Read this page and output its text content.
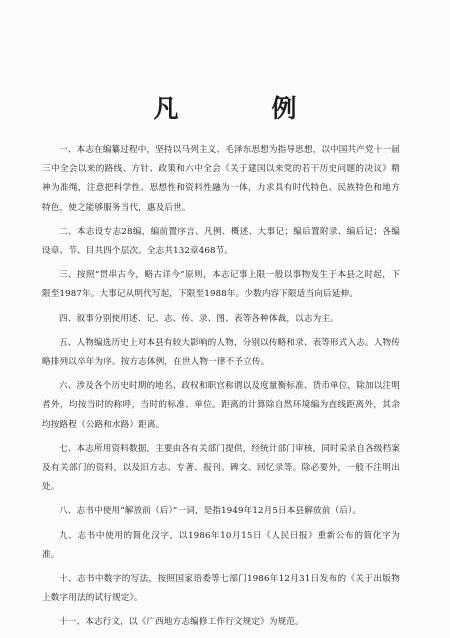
凡　例

一、本志在编纂过程中，坚持以马列主义、毛泽东思想为指导思想，以中国共产党十一届三中全会以来的路线、方针、政策和六中全会《关于建国以来党的若干历史问题的决议》精神为准绳，注意把科学性、思想性和资料性融为一体，力求具有时代特色、民族特色和地方特色，使之能够服务当代，惠及后世。

二、本志设专志28编，编前置序言、凡例、概述、大事记；编后置附录、编后记；各编设章、节、目共四个层次。全志共132章468节。

三、按照“贯串古今，略古详今”原则，本志记事上限一般以事物发生于本县之时起，下限至1987年。大事记从明代写起，下限至1988年。少数内容下限适当向后延伸。

四、叙事分别使用述、记、志、传、录、图、表等各种体裁，以志为主。

五、人物编选历史上对本县有较大影响的人物，分别以传略和录、表等形式入志。人物传略排列以卒年为序。按方志体例，在世人物一律不予立传。

六、涉及各个历史时期的地名、政权和职官称谓以及度量衡标准、货币单位，除加以注明者外，均按当时的称呼，当时的标准、单位。距离的计算除自然环境编为直线距离外，其余均按路程（公路和水路）距离。

七、本志所用资料数据，主要由各有关部门提供，经统计部门审核，同时采录自各级档案及有关部门的资料，以及旧方志、专著、报刊、碑文、回忆录等。除必要外，一般不注明出处。

八、志书中使用“解放前（后）”一词，是指1949年12月5日本县解放前（后）。

九、志书中使用的简化汉字，以1986年10月15日《人民日报》重新公布的简化字为准。

十、志书中数字的写法，按照国家语委等七部门1986年12月31日发布的《关于出版物上数字用法的试行规定》。

十一、本志行文，以《广西地方志编修工作行文规定》为规范。
